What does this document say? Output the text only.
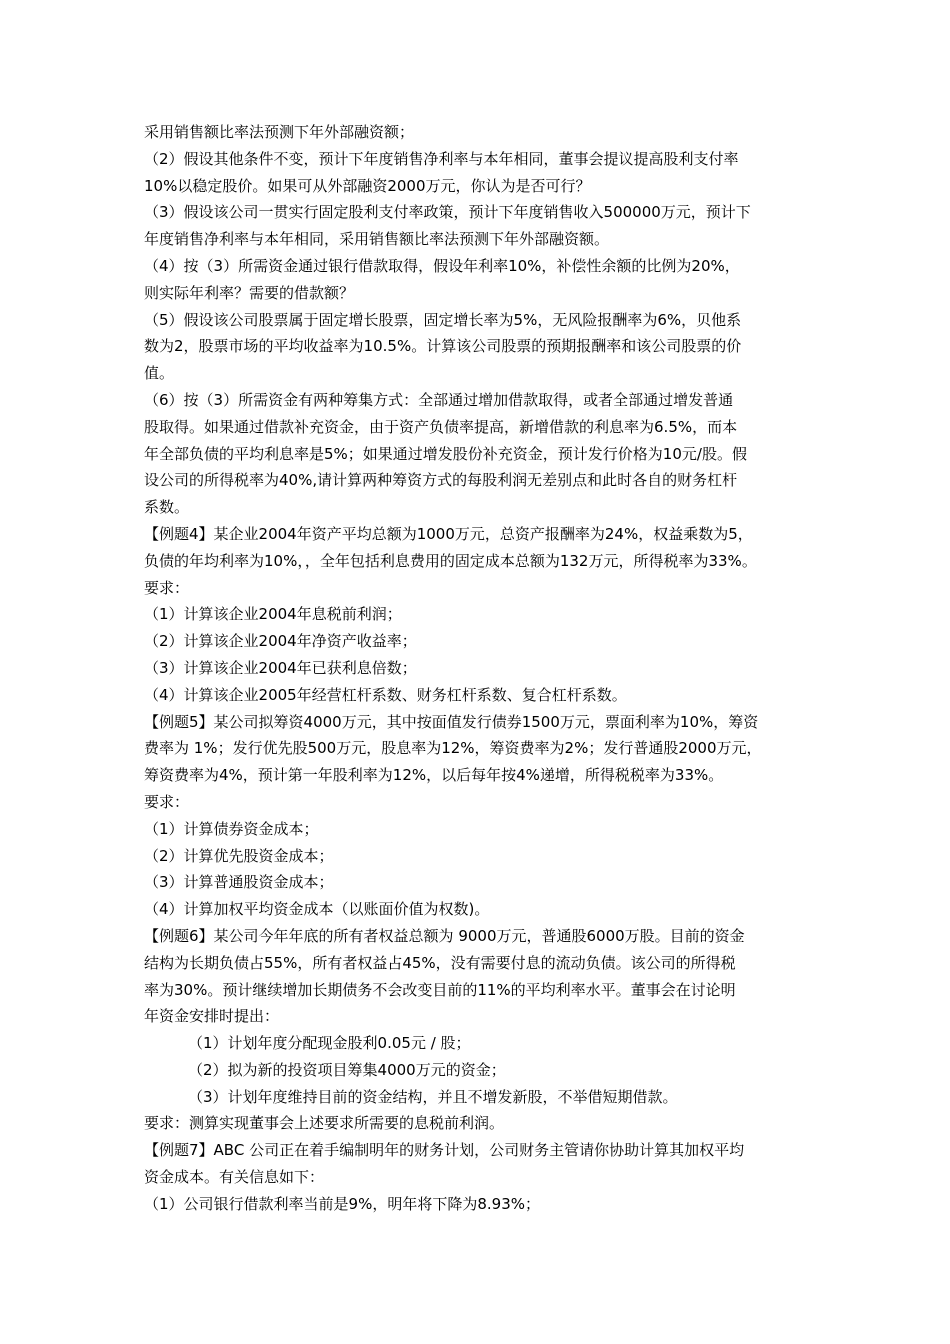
采用销售额比率法预测下年外部融资额；

（2）假设其他条件不变，预计下年度销售净利率与本年相同，董事会提议提高股利支付率

10%以稳定股价。如果可从外部融资2000万元，你认为是否可行？

（3）假设该公司一贯实行固定股利支付率政策，预计下年度销售收入500000万元，预计下

年度销售净利率与本年相同，采用销售额比率法预测下年外部融资额。

（4）按（3）所需资金通过银行借款取得，假设年利率10%，补偿性余额的比例为20%，

则实际年利率？需要的借款额？

（5）假设该公司股票属于固定增长股票，固定增长率为5%，无风险报酬率为6%，贝他系

数为2，股票市场的平均收益率为10.5%。计算该公司股票的预期报酬率和该公司股票的价

值。

（6）按（3）所需资金有两种筹集方式：全部通过增加借款取得，或者全部通过增发普通

股取得。如果通过借款补充资金，由于资产负债率提高，新增借款的利息率为6.5%，而本

年全部负债的平均利息率是5%；如果通过增发股份补充资金，预计发行价格为10元/股。假

设公司的所得税率为40%,请计算两种筹资方式的每股利润无差别点和此时各自的财务杠杆

系数。

【例题4】某企业2004年资产平均总额为1000万元，总资产报酬率为24%，权益乘数为5，

负债的年均利率为10%，，全年包括利息费用的固定成本总额为132万元，所得税率为33%。

要求：

（1）计算该企业2004年息税前利润；

（2）计算该企业2004年净资产收益率；

（3）计算该企业2004年已获利息倍数；

（4）计算该企业2005年经营杠杆系数、财务杠杆系数、复合杠杆系数。

【例题5】某公司拟筹资4000万元，其中按面值发行债券1500万元，票面利率为10%，筹资

费率为 1%；发行优先股500万元，股息率为12%，筹资费率为2%；发行普通股2000万元，

筹资费率为4%，预计第一年股利率为12%，以后每年按4%递增，所得税税率为33%。

要求：

（1）计算债券资金成本；

（2）计算优先股资金成本；

（3）计算普通股资金成本；

（4）计算加权平均资金成本（以账面价值为权数)。

【例题6】某公司今年年底的所有者权益总额为 9000万元，普通股6000万股。目前的资金

结构为长期负债占55%，所有者权益占45%，没有需要付息的流动负债。该公司的所得税

率为30%。预计继续增加长期债务不会改变目前的11%的平均利率水平。董事会在讨论明

年资金安排时提出：

（1）计划年度分配现金股利0.05元 / 股；

（2）拟为新的投资项目筹集4000万元的资金；

（3）计划年度维持目前的资金结构，并且不增发新股，不举借短期借款。

要求：测算实现董事会上述要求所需要的息税前利润。

【例题7】ABC 公司正在着手编制明年的财务计划，公司财务主管请你协助计算其加权平均

资金成本。有关信息如下：

（1）公司银行借款利率当前是9%，明年将下降为8.93%；
